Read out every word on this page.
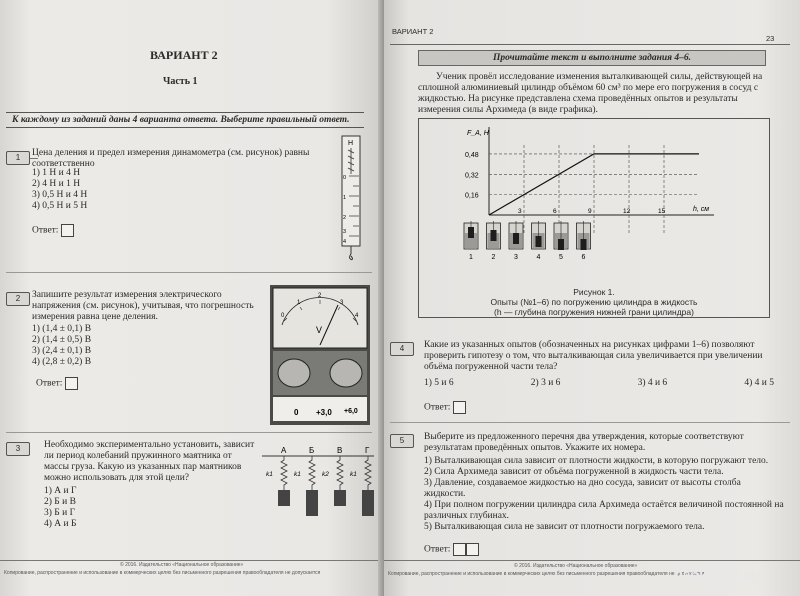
ВАРИАНТ 2
Часть 1
К каждому из заданий даны 4 варианта ответа. Выберите правильный ответ.
1	Цена деления и предел измерения динамометра (см. рисунок) равны соответственно
1) 1 Н и 4 Н
2) 4 Н и 1 Н
3) 0,5 Н и 4 Н
4) 0,5 Н и 5 Н
Ответ:
Н
0
1
2
3
4
2	Запишите результат измерения электрического напряжения (см. рисунок), учитывая, что погрешность измерения равна цене деления.
1) (1,4 ± 0,1) В
2) (1,4 ± 0,5) В
3) (2,4 ± 0,1) В
4) (2,8 ± 0,2) В
Ответ:
0
1
2
3
4
V
0 +3,0 +6,0
3	Необходимо экспериментально установить, зависит ли период колебаний пружинного маятника от массы груза. Какую из указанных пар маятников можно использовать для этой цели?
1) А и Г
2) Б и В
3) Б и Г
4) А и Б
А	Б	В	Г
k1	k1	k2	k1
© 2016. Издательство «Национальное образование»
Копирование, распространение и использование в коммерческих целях без письменного разрешения правообладателя не допускается
ВАРИАНТ 2
23
Прочитайте текст и выполните задания 4–6.
Ученик провёл исследование изменения выталкивающей силы, действующей на сплошной алюминиевый цилиндр объёмом 60 см³ по мере его погружения в сосуд с жидкостью. На рисунке представлена схема проведённых опытов и результаты измерения силы Архимеда (в виде графика).
h, см
F_A, Н
0,16
0,32
0,48
3	6	9	12	15
1	2	3	4	5	6
Рисунок 1.
Опыты (№1–6) по погружению цилиндра в жидкость
(h — глубина погружения нижней грани цилиндра)
4	Какие из указанных опытов (обозначенных на рисунках цифрами 1–6) позволяют проверить гипотезу о том, что выталкивающая сила увеличивается при увеличении объёма погруженной части тела?
1) 5 и 6	2) 3 и 6	3) 4 и 6	4) 4 и 5
Ответ:
5	Выберите из предложенного перечня два утверждения, которые соответствуют результатам проведённых опытов. Укажите их номера.
1) Выталкивающая сила зависит от плотности жидкости, в которую погружают тело.
2) Сила Архимеда зависит от объёма погруженной в жидкость части тела.
3) Давление, создаваемое жидкостью на дно сосуда, зависит от высоты столба жидкости.
4) При полном погружении цилиндра сила Архимеда остаётся величиной постоянной на различных глубинах.
5) Выталкивающая сила не зависит от плотности погружаемого тела.
Ответ:
© 2016. Издательство «Национальное образование»
Копирование, распространение и использование в коммерческих целях без письменного разрешения правообладателя не допускается
лабиринт.ру
